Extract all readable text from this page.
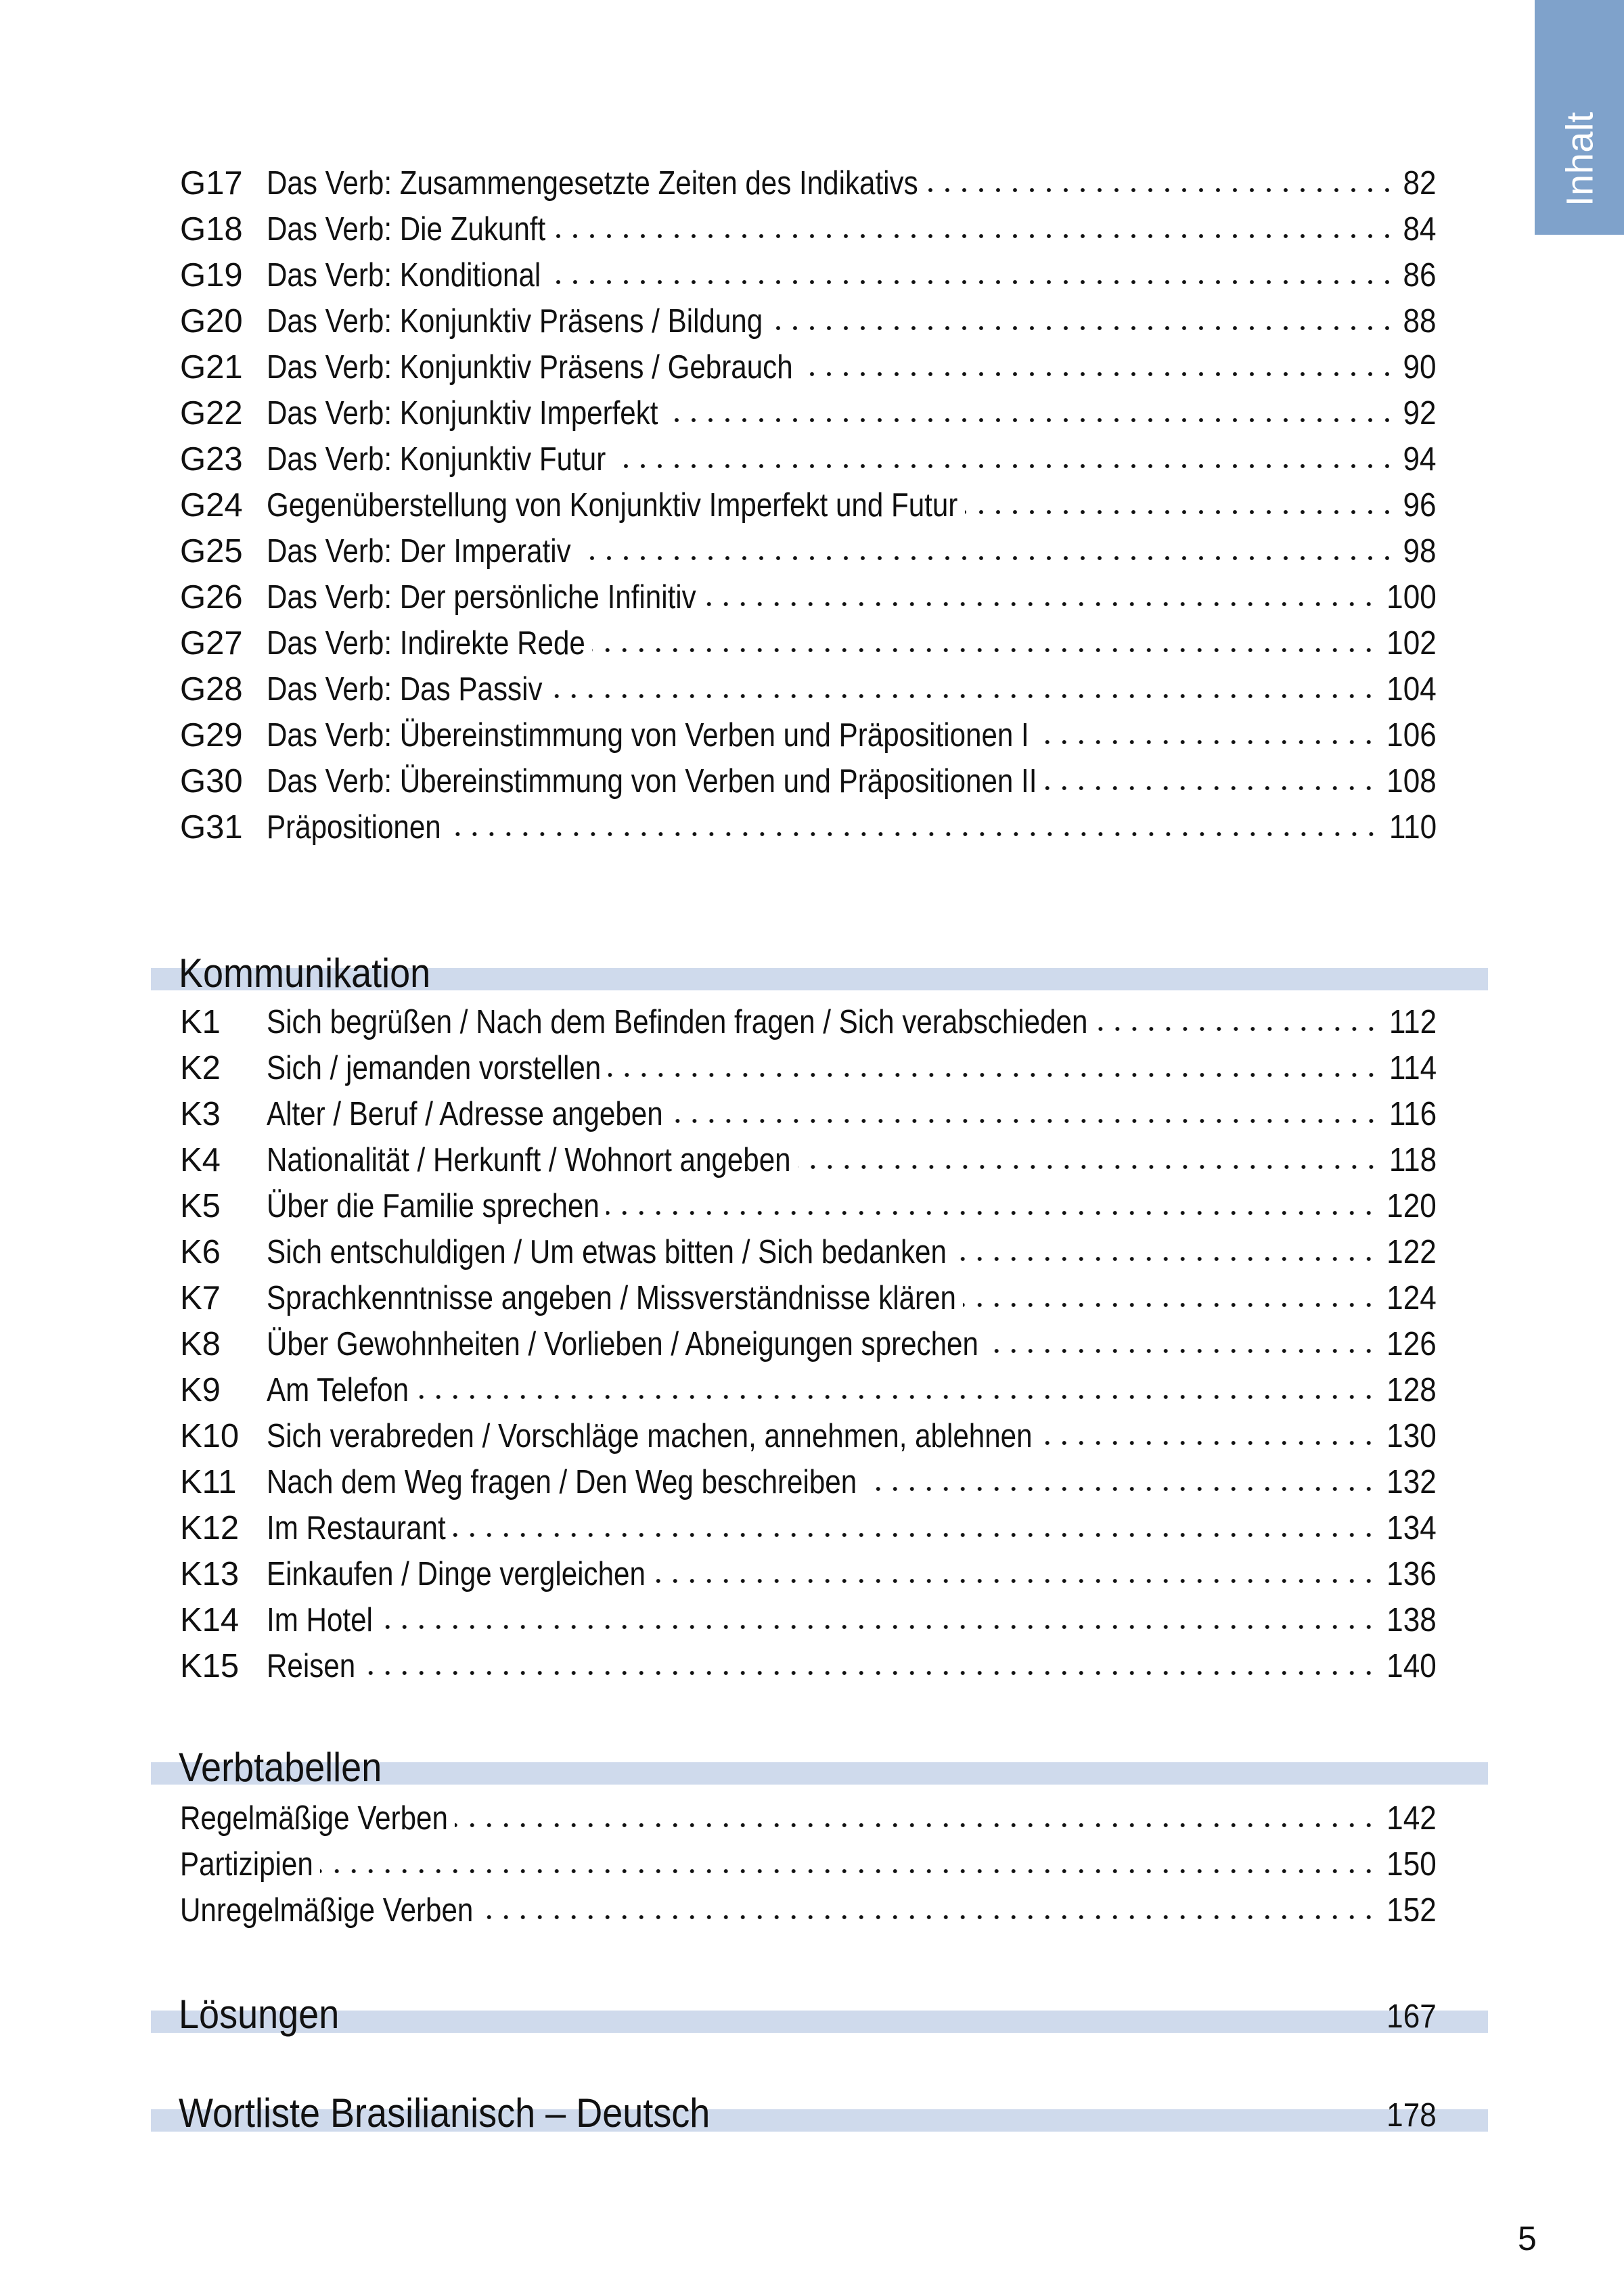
Inhalt
G17 Das Verb: Zusammengesetzte Zeiten des Indikativs	82
G18 Das Verb: Die Zukunft	84
G19 Das Verb: Konditional	86
G20 Das Verb: Konjunktiv Präsens / Bildung	88
G21 Das Verb: Konjunktiv Präsens / Gebrauch	90
G22 Das Verb: Konjunktiv Imperfekt	92
G23 Das Verb: Konjunktiv Futur	94
G24 Gegenüberstellung von Konjunktiv Imperfekt und Futur	96
G25 Das Verb: Der Imperativ	98
G26 Das Verb: Der persönliche Infinitiv	100
G27 Das Verb: Indirekte Rede	102
G28 Das Verb: Das Passiv	104
G29 Das Verb: Übereinstimmung von Verben und Präpositionen I	106
G30 Das Verb: Übereinstimmung von Verben und Präpositionen II	108
G31 Präpositionen	110
Kommunikation
K1	Sich begrüßen / Nach dem Befinden fragen / Sich verabschieden	112
K2	Sich / jemanden vorstellen	114
K3	Alter / Beruf / Adresse angeben	116
K4	Nationalität / Herkunft / Wohnort angeben	118
K5	Über die Familie sprechen	120
K6	Sich entschuldigen / Um etwas bitten / Sich bedanken	122
K7	Sprachkenntnisse angeben / Missverständnisse klären	124
K8	Über Gewohnheiten / Vorlieben / Abneigungen sprechen	126
K9	Am Telefon	128
K10 Sich verabreden / Vorschläge machen, annehmen, ablehnen	130
K11 Nach dem Weg fragen / Den Weg beschreiben	132
K12 Im Restaurant	134
K13 Einkaufen / Dinge vergleichen	136
K14 Im Hotel	138
K15 Reisen	140
Verbtabellen
Regelmäßige Verben	142
Partizipien	150
Unregelmäßige Verben	152
Lösungen	167
Wortliste Brasilianisch – Deutsch	178
5
